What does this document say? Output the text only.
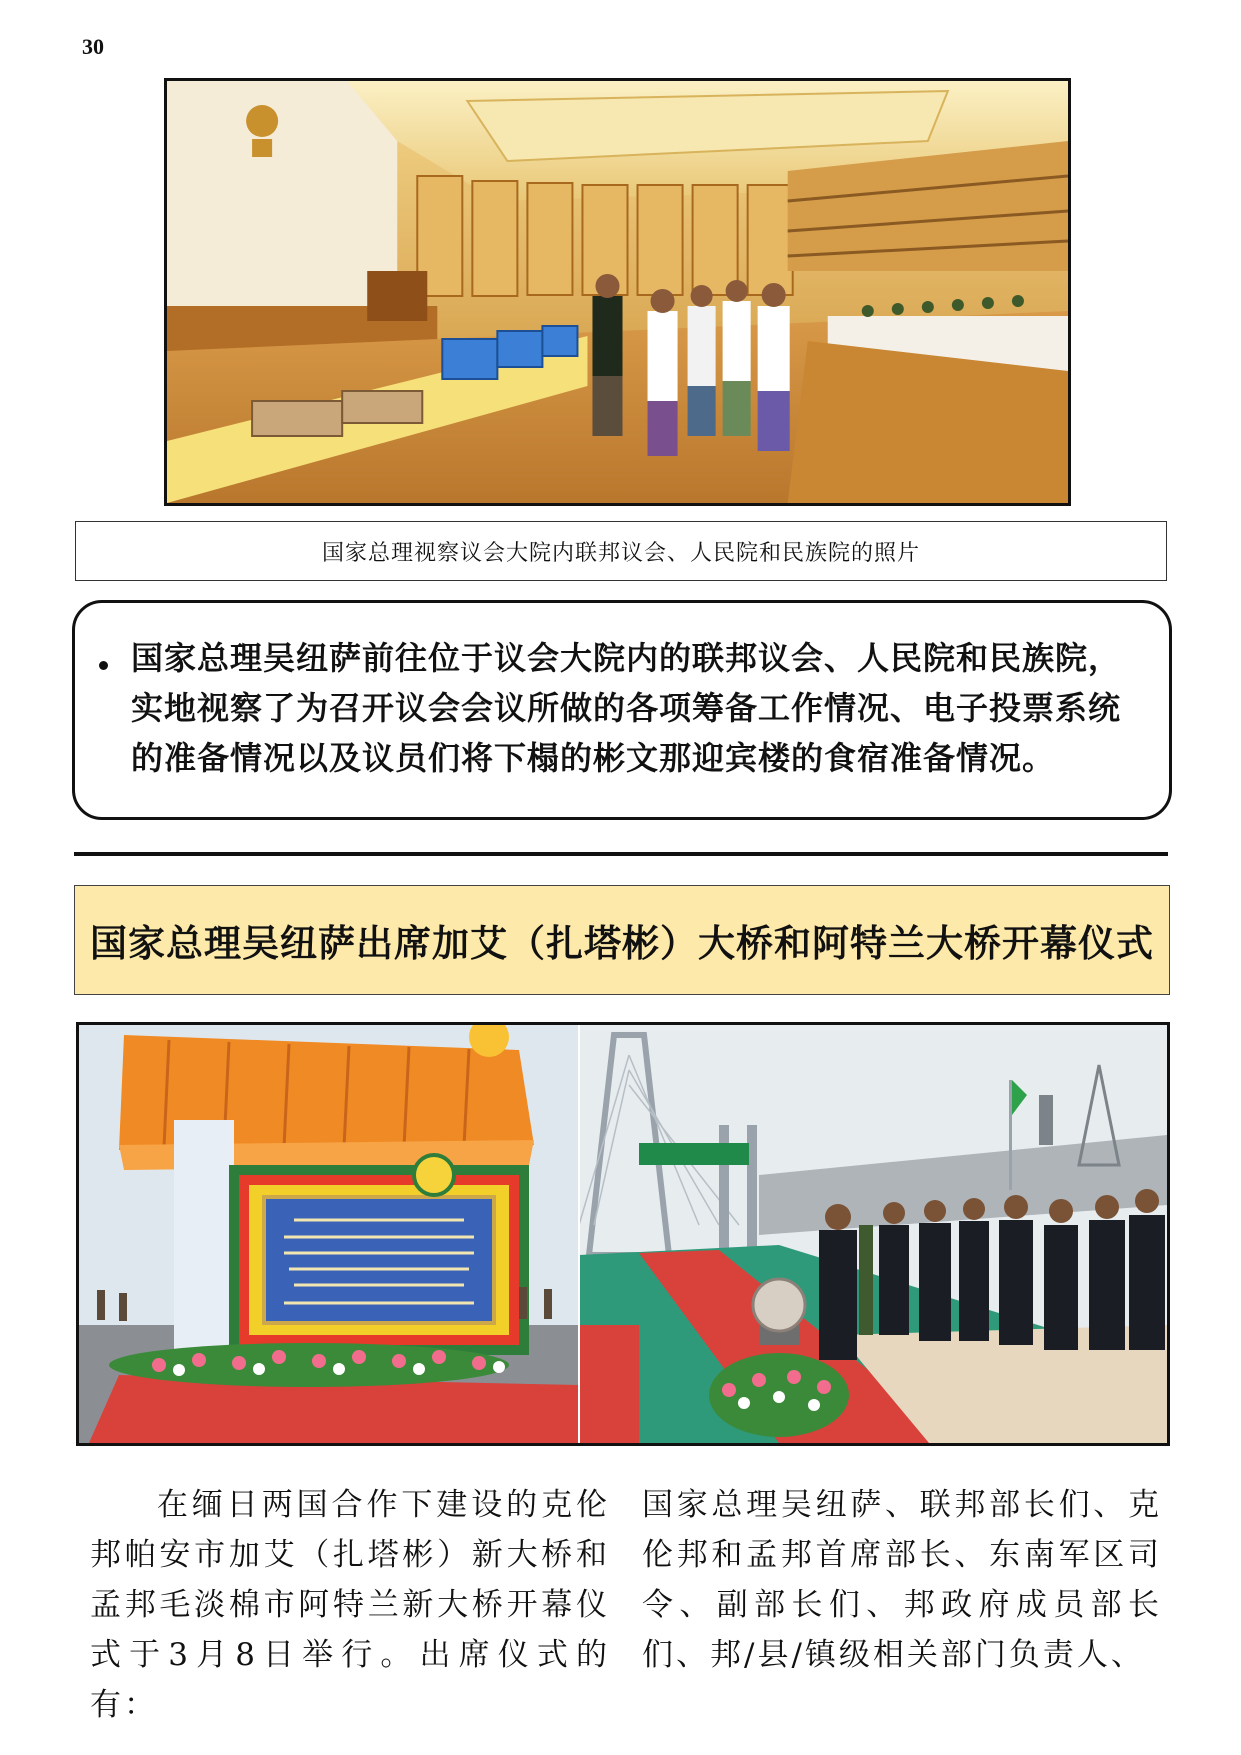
30
国家总理视察议会大院内联邦议会、人民院和民族院的照片
国家总理吴纽萨前往位于议会大院内的联邦议会、人民院和民族院，实地视察了为召开议会会议所做的各项筹备工作情况、电子投票系统的准备情况以及议员们将下榻的彬文那迎宾楼的食宿准备情况。
国家总理吴纽萨出席加艾（扎塔彬）大桥和阿特兰大桥开幕仪式
在缅日两国合作下建设的克伦邦帕安市加艾（扎塔彬）新大桥和孟邦毛淡棉市阿特兰新大桥开幕仪式于3月8日举行。出席仪式的有：
国家总理吴纽萨、联邦部长们、克伦邦和孟邦首席部长、东南军区司令、副部长们、邦政府成员部长们、邦/县/镇级相关部门负责人、
